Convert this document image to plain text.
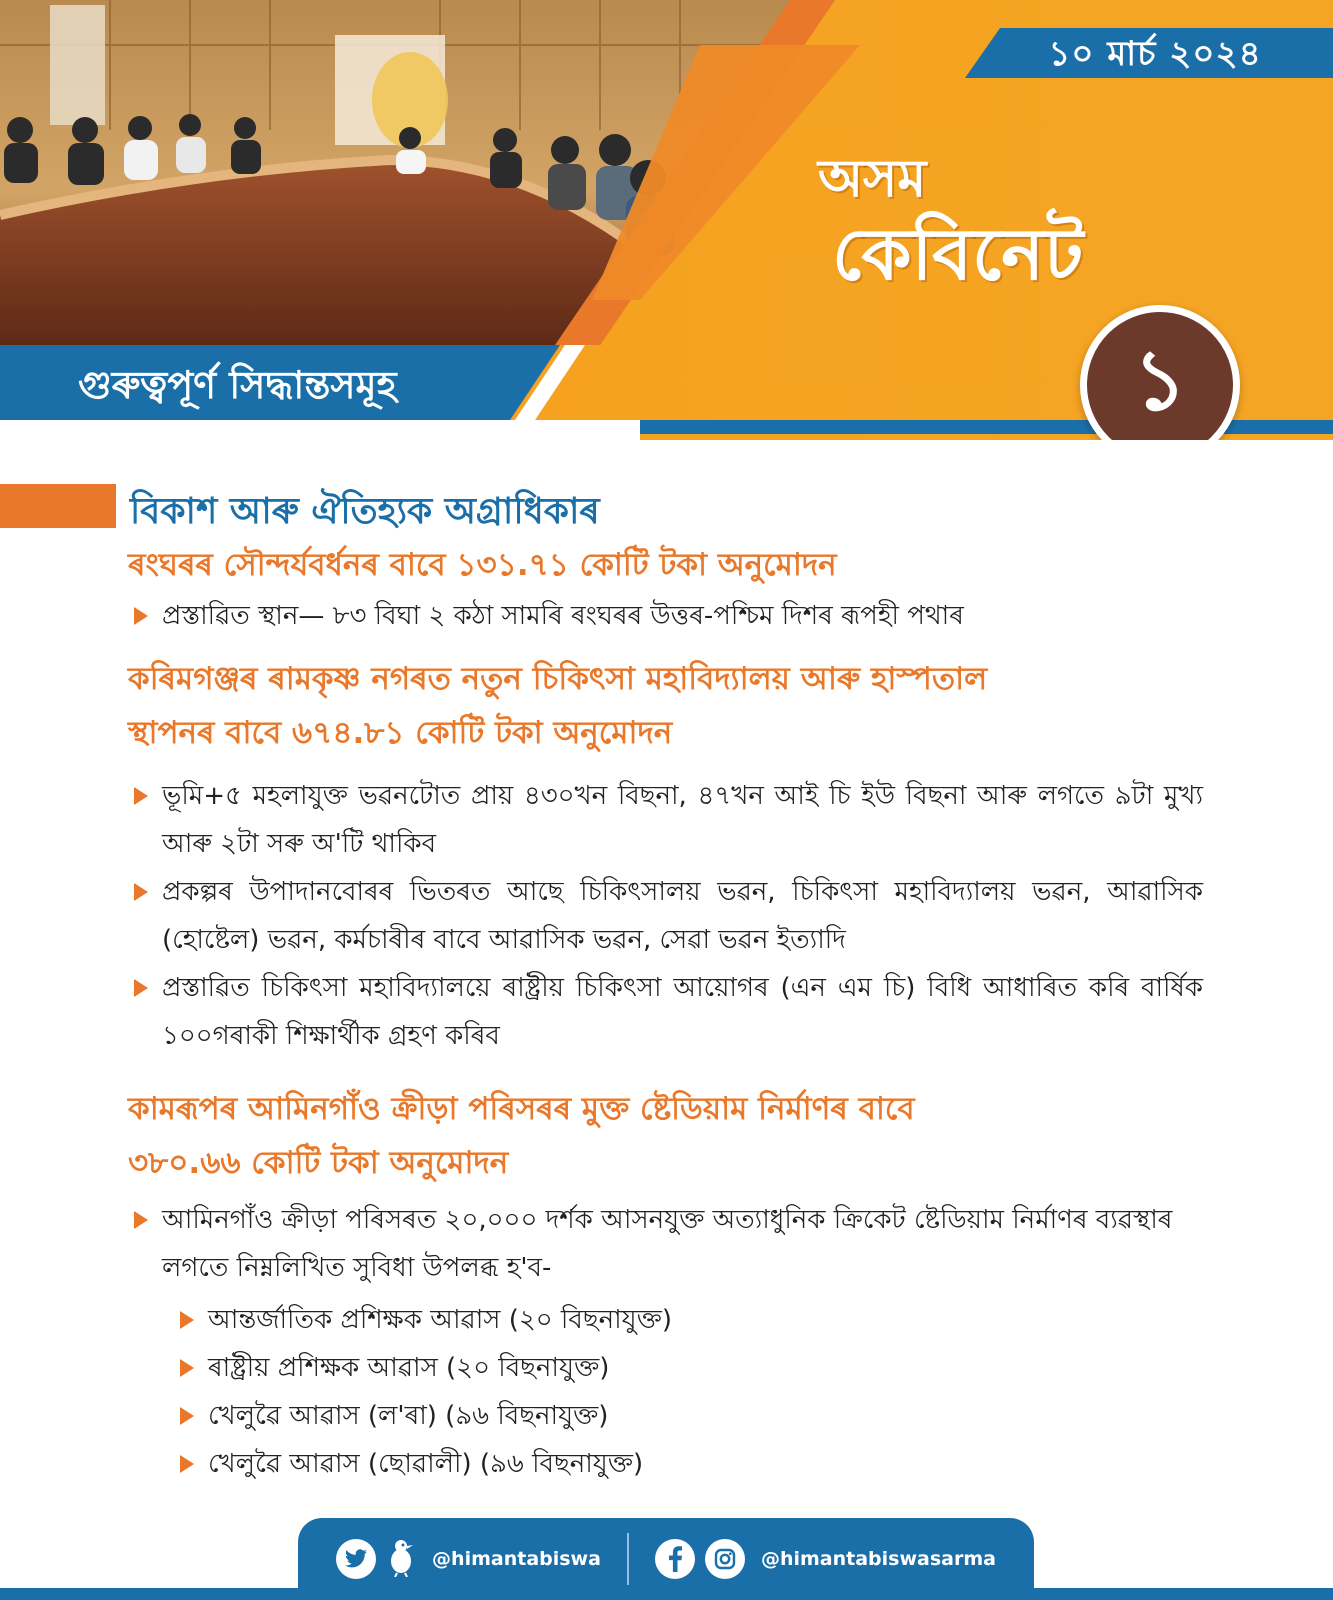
১০ মাৰ্চ ২০২৪
অসম
কেবিনেট
১
গুৰুত্বপূৰ্ণ সিদ্ধান্তসমূহ
বিকাশ আৰু ঐতিহ্যক অগ্ৰাধিকাৰ
ৰংঘৰৰ সৌন্দৰ্যবৰ্ধনৰ বাবে ১৩১.৭১ কোটি টকা অনুমোদন
প্ৰস্তাৱিত স্থান— ৮৩ বিঘা ২ কঠা সামৰি ৰংঘৰৰ উত্তৰ-পশ্চিম দিশৰ ৰূপহী পথাৰ
কৰিমগঞ্জৰ ৰামকৃষ্ণ নগৰত নতুন চিকিৎসা মহাবিদ্যালয় আৰু হাস্পতাল
স্থাপনৰ বাবে ৬৭৪.৮১ কোটি টকা অনুমোদন
ভূমি+৫ মহলাযুক্ত ভৱনটোত প্ৰায় ৪৩০খন বিছনা, ৪৭খন আই চি ইউ বিছনা আৰু লগতে ৯টা মুখ্য আৰু ২টা সৰু অ'টি থাকিব
প্ৰকল্পৰ উপাদানবোৰৰ ভিতৰত আছে চিকিৎসালয় ভৱন, চিকিৎসা মহাবিদ্যালয় ভৱন, আৱাসিক (হোষ্টেল) ভৱন, কৰ্মচাৰীৰ বাবে আৱাসিক ভৱন, সেৱা ভৱন ইত্যাদি
প্ৰস্তাৱিত চিকিৎসা মহাবিদ্যালয়ে ৰাষ্ট্ৰীয় চিকিৎসা আয়োগৰ (এন এম চি) বিধি আধাৰিত কৰি বাৰ্ষিক ১০০গৰাকী শিক্ষাৰ্থীক গ্ৰহণ কৰিব
কামৰূপৰ আমিনগাঁও ক্ৰীড়া পৰিসৰৰ মুক্ত ষ্টেডিয়াম নিৰ্মাণৰ বাবে
৩৮০.৬৬ কোটি টকা অনুমোদন
আমিনগাঁও ক্ৰীড়া পৰিসৰত ২০,০০০ দৰ্শক আসনযুক্ত অত্যাধুনিক ক্ৰিকেট ষ্টেডিয়াম নিৰ্মাণৰ ব্যৱস্থাৰ লগতে নিম্নলিখিত সুবিধা উপলব্ধ হ'ব-
আন্তৰ্জাতিক প্ৰশিক্ষক আৱাস (২০ বিছনাযুক্ত)
ৰাষ্ট্ৰীয় প্ৰশিক্ষক আৱাস (২০ বিছনাযুক্ত)
খেলুৱৈ আৱাস (ল'ৰা) (৯৬ বিছনাযুক্ত)
খেলুৱৈ আৱাস (ছোৱালী) (৯৬ বিছনাযুক্ত)
@himantabiswa	@himantabiswasarma
